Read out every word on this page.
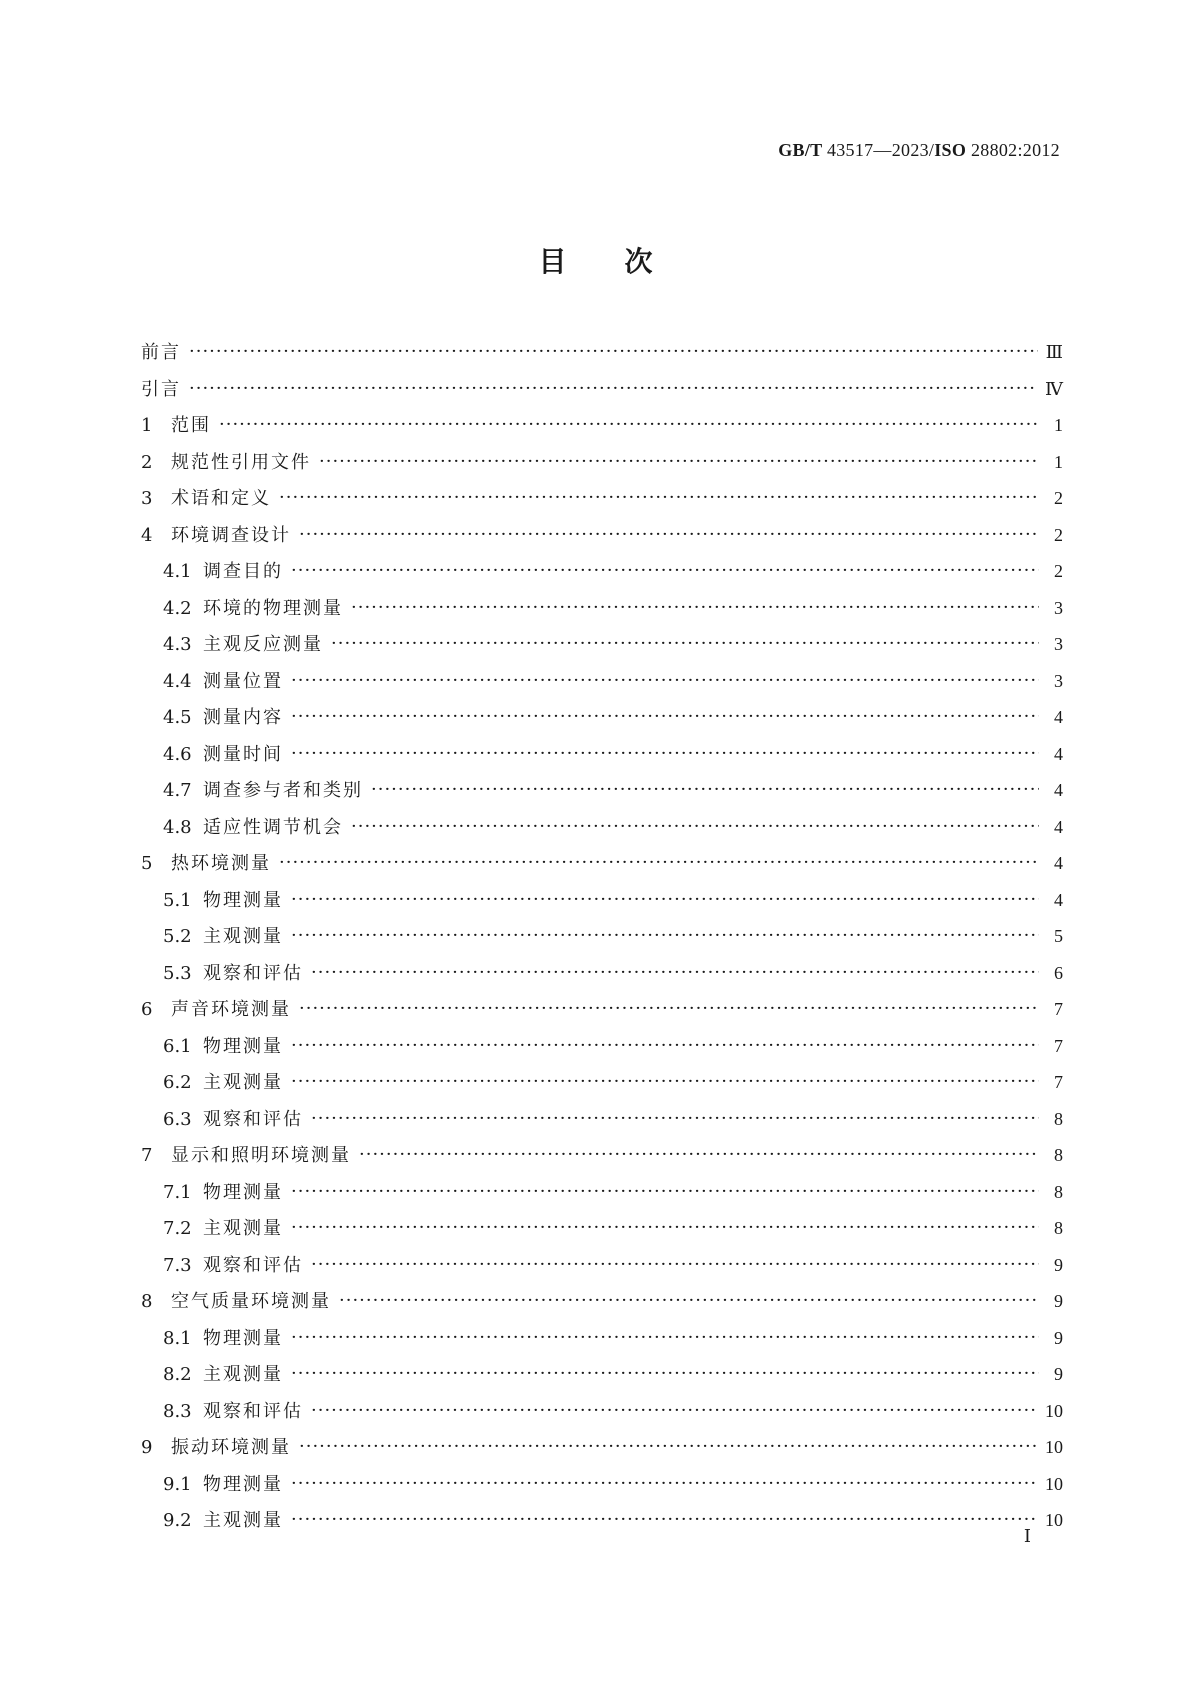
GB/T 43517—2023/ISO 28802:2012
目次
前言 ·····	Ⅲ
引言 ·····	Ⅳ
1	范围 ·····	1
2	规范性引用文件 ·····	1
3	术语和定义 ·····	2
4	环境调查设计 ·····	2
4.1 调查目的 ·····	2
4.2 环境的物理测量 ·····	3
4.3 主观反应测量 ·····	3
4.4 测量位置 ·····	3
4.5 测量内容 ·····	4
4.6 测量时间 ·····	4
4.7 调查参与者和类别 ·····	4
4.8 适应性调节机会 ·····	4
5	热环境测量 ·····	4
5.1 物理测量 ·····	4
5.2 主观测量 ·····	5
5.3 观察和评估 ·····	6
6	声音环境测量 ·····	7
6.1 物理测量 ·····	7
6.2 主观测量 ·····	7
6.3 观察和评估 ·····	8
7	显示和照明环境测量 ·····	8
7.1 物理测量 ·····	8
7.2 主观测量 ·····	8
7.3 观察和评估 ·····	9
8	空气质量环境测量 ·····	9
8.1 物理测量 ·····	9
8.2 主观测量 ·····	9
8.3 观察和评估 ·····	10
9	振动环境测量 ·····	10
9.1 物理测量 ·····	10
9.2 主观测量 ·····	10
Ⅰ
